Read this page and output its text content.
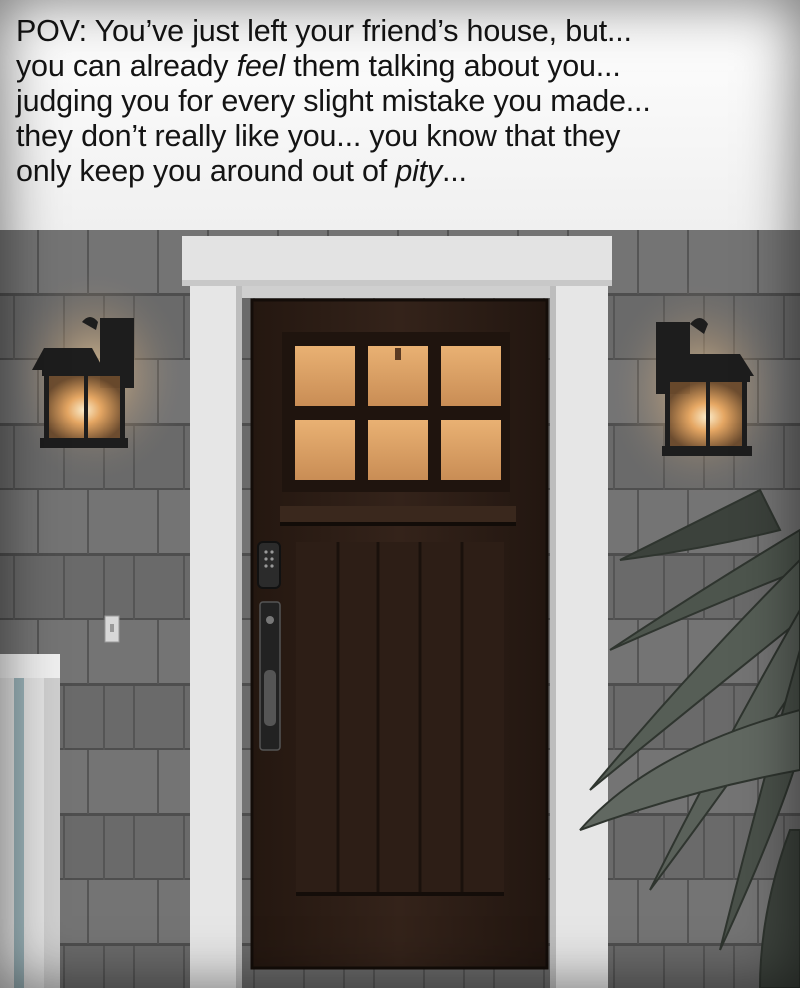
POV: You’ve just left your friend’s house, but...
you can already feel them talking about you...
judging you for every slight mistake you made...
they don’t really like you... you know that they
only keep you around out of pity...
